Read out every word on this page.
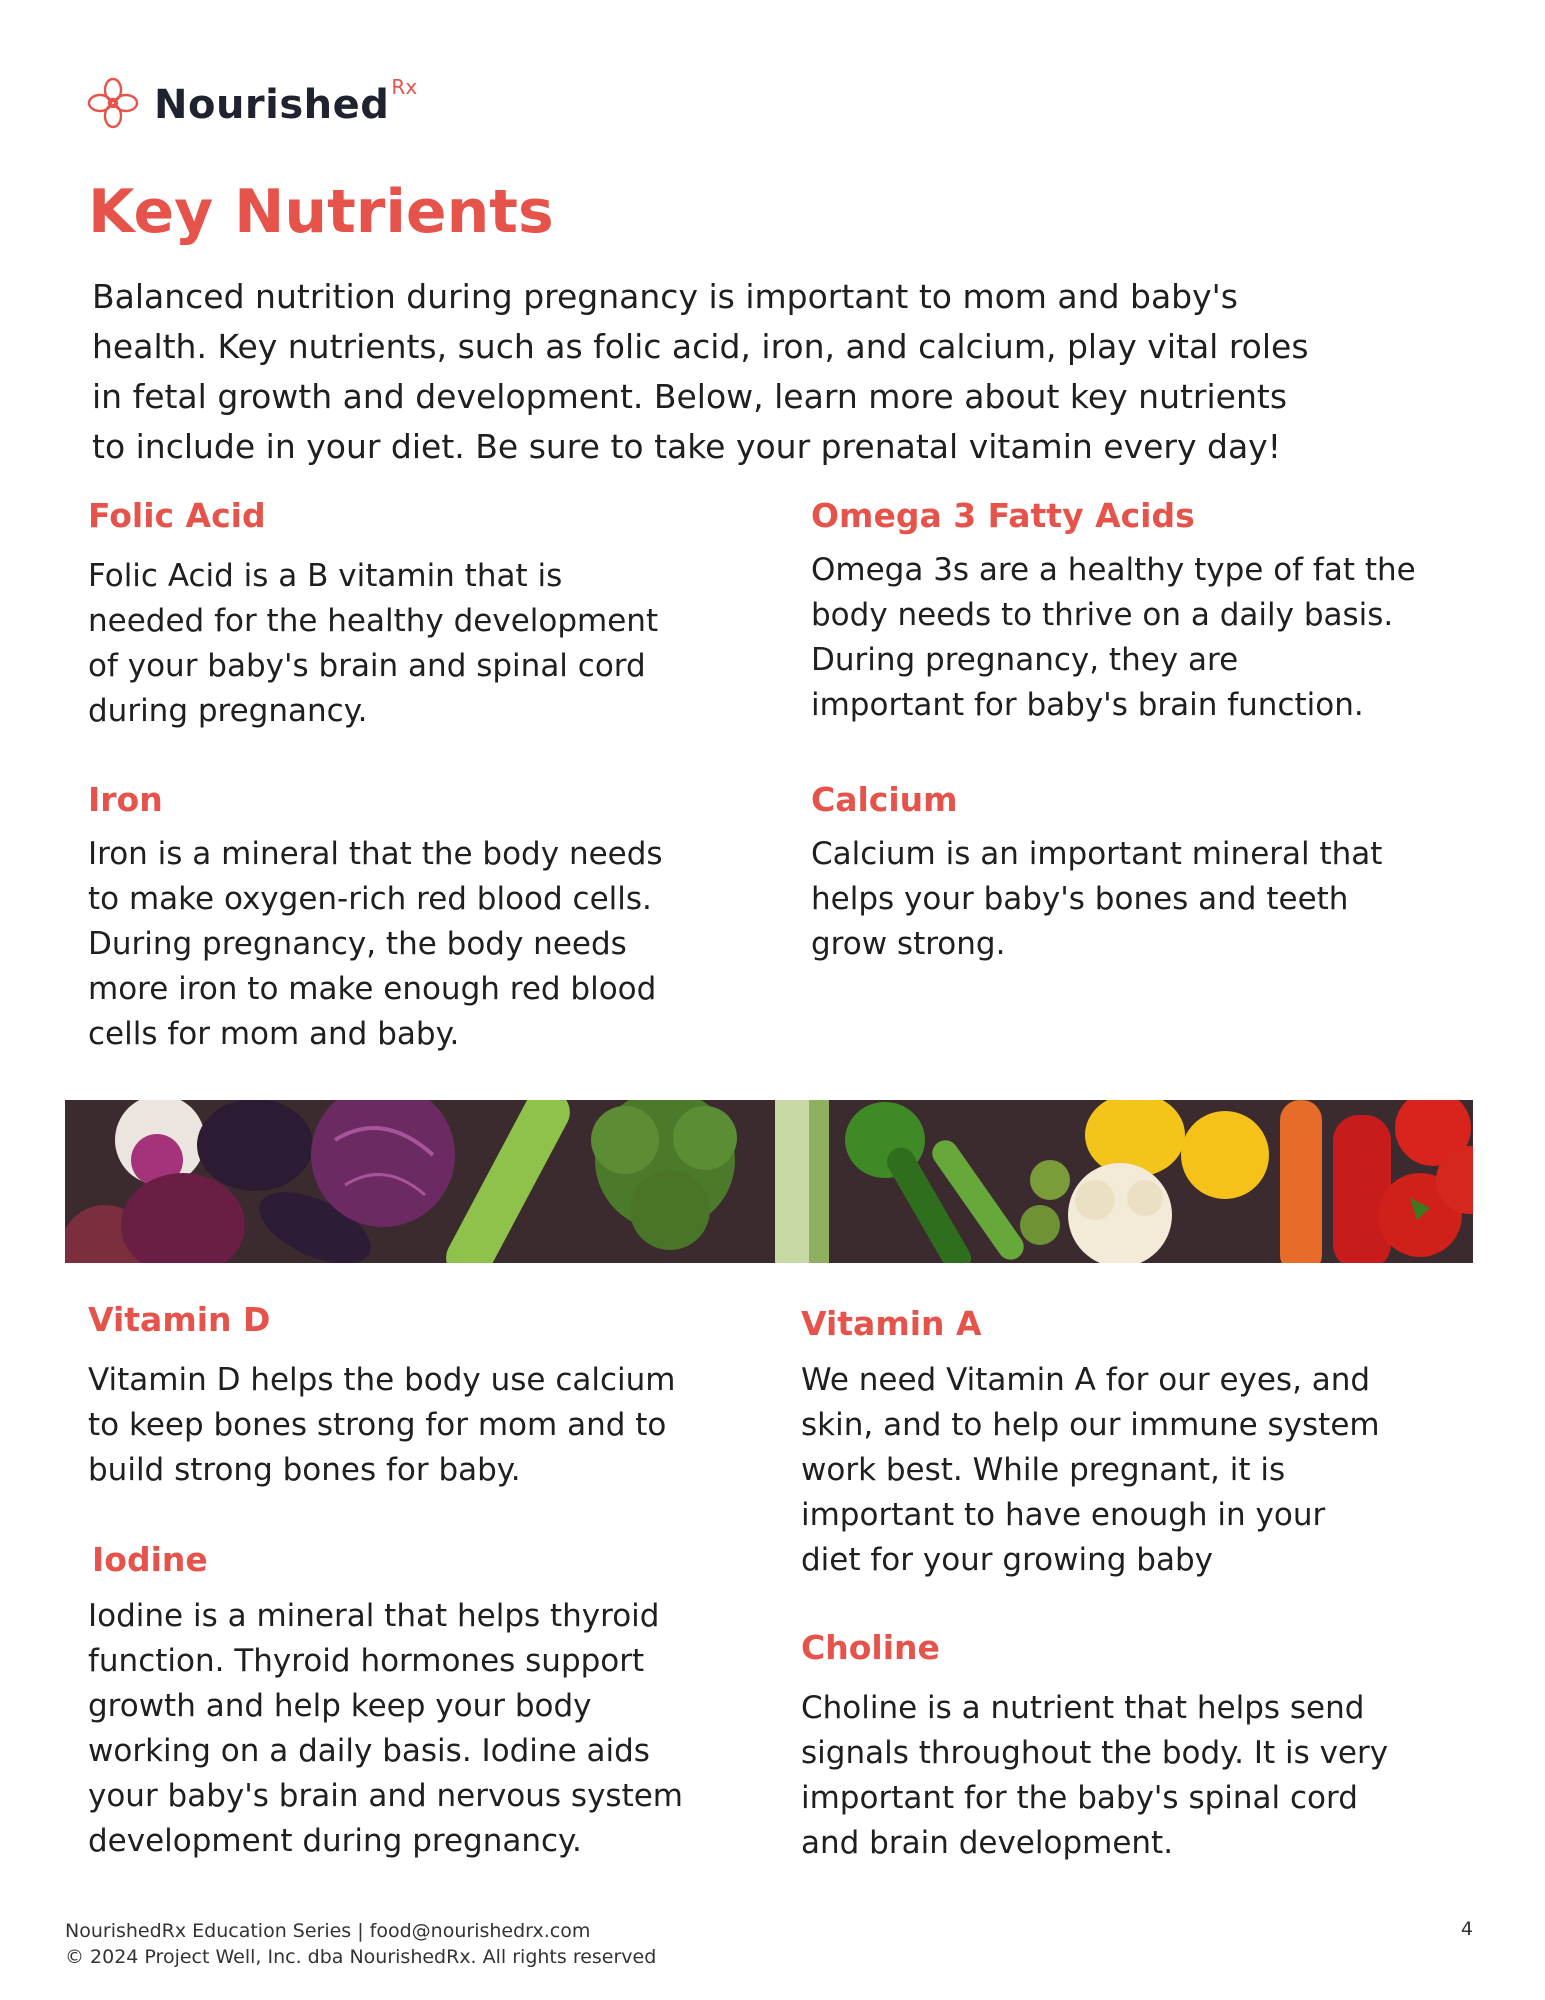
Nourished Rx
Key Nutrients

Balanced nutrition during pregnancy is important to mom and baby's
health. Key nutrients, such as folic acid, iron, and calcium, play vital roles
in fetal growth and development. Below, learn more about key nutrients
to include in your diet. Be sure to take your prenatal vitamin every day!

Folic Acid

Folic Acid is a B vitamin that is
needed for the healthy development
of your baby's brain and spinal cord
during pregnancy.

Omega 3 Fatty Acids

Omega 3s are a healthy type of fat the
body needs to thrive on a daily basis.
During pregnancy, they are
important for baby's brain function.

Iron

Iron is a mineral that the body needs
to make oxygen-rich red blood cells.
During pregnancy, the body needs
more iron to make enough red blood
cells for mom and baby.

Calcium

Calcium is an important mineral that
helps your baby's bones and teeth
grow strong.

Vitamin D

Vitamin D helps the body use calcium
to keep bones strong for mom and to
build strong bones for baby.

Vitamin A

We need Vitamin A for our eyes, and
skin, and to help our immune system
work best. While pregnant, it is
important to have enough in your
diet for your growing baby

Iodine

Iodine is a mineral that helps thyroid
function. Thyroid hormones support
growth and help keep your body
working on a daily basis. Iodine aids
your baby's brain and nervous system
development during pregnancy.

Choline

Choline is a nutrient that helps send
signals throughout the body. It is very
important for the baby's spinal cord
and brain development.

NourishedRx Education Series | food@nourishedrx.com
© 2024 Project Well, Inc. dba NourishedRx. All rights reserved
4
